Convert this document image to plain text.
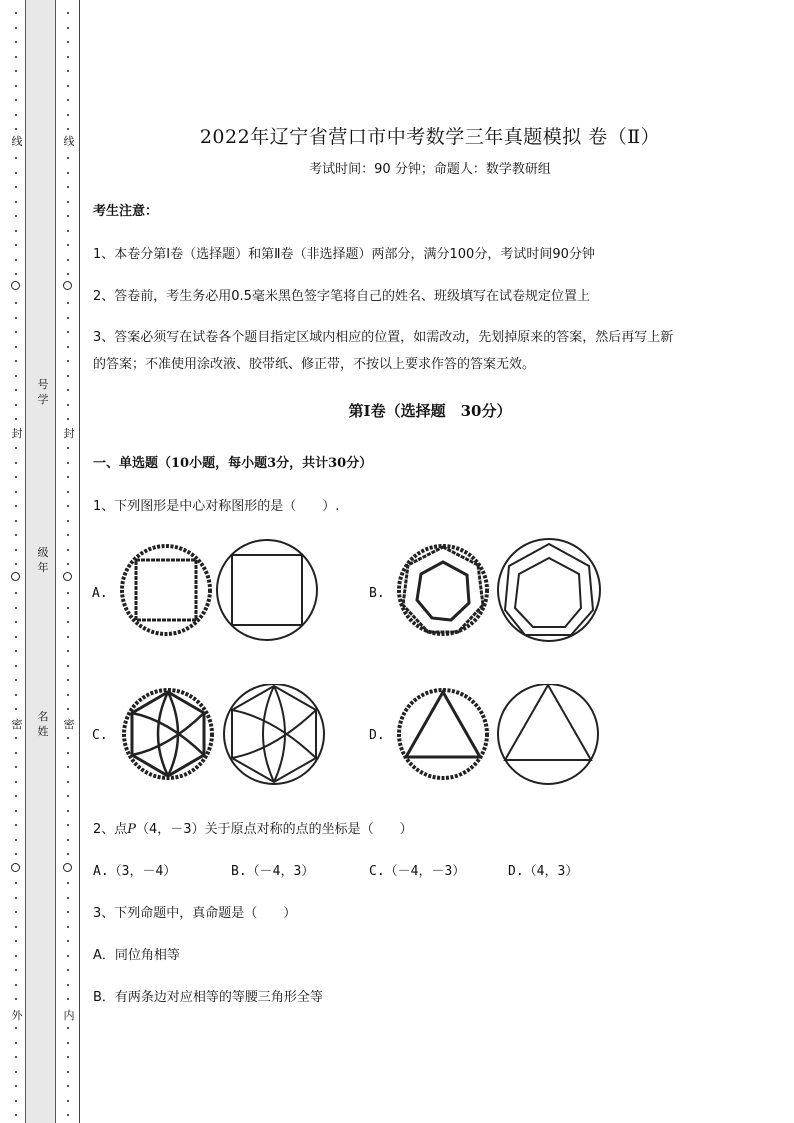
线
封
密
外
线
封
密
内
号
学
级
年
名
姓
2022年辽宁省营口市中考数学三年真题模拟 卷（Ⅱ）
考试时间：90 分钟；命题人：数学教研组
考生注意：
1、本卷分第Ⅰ卷（选择题）和第Ⅱ卷（非选择题）两部分，满分100分，考试时间90分钟
2、答卷前，考生务必用0.5毫米黑色签字笔将自己的姓名、班级填写在试卷规定位置上
3、答案必须写在试卷各个题目指定区域内相应的位置，如需改动，先划掉原来的答案，然后再写上新
的答案；不准使用涂改液、胶带纸、修正带，不按以上要求作答的答案无效。
第Ⅰ卷（选择题　30分）
一、单选题（10小题，每小题3分，共计30分）
1、下列图形是中心对称图形的是（　　）.
A.	B.
C.	D.
2、点P（4，－3）关于原点对称的点的坐标是（　　）
A.（3，－4）	B.（－4，3）	C.（－4，－3）	D.（4，3）
3、下列命题中，真命题是（　　）
A．同位角相等
B．有两条边对应相等的等腰三角形全等
